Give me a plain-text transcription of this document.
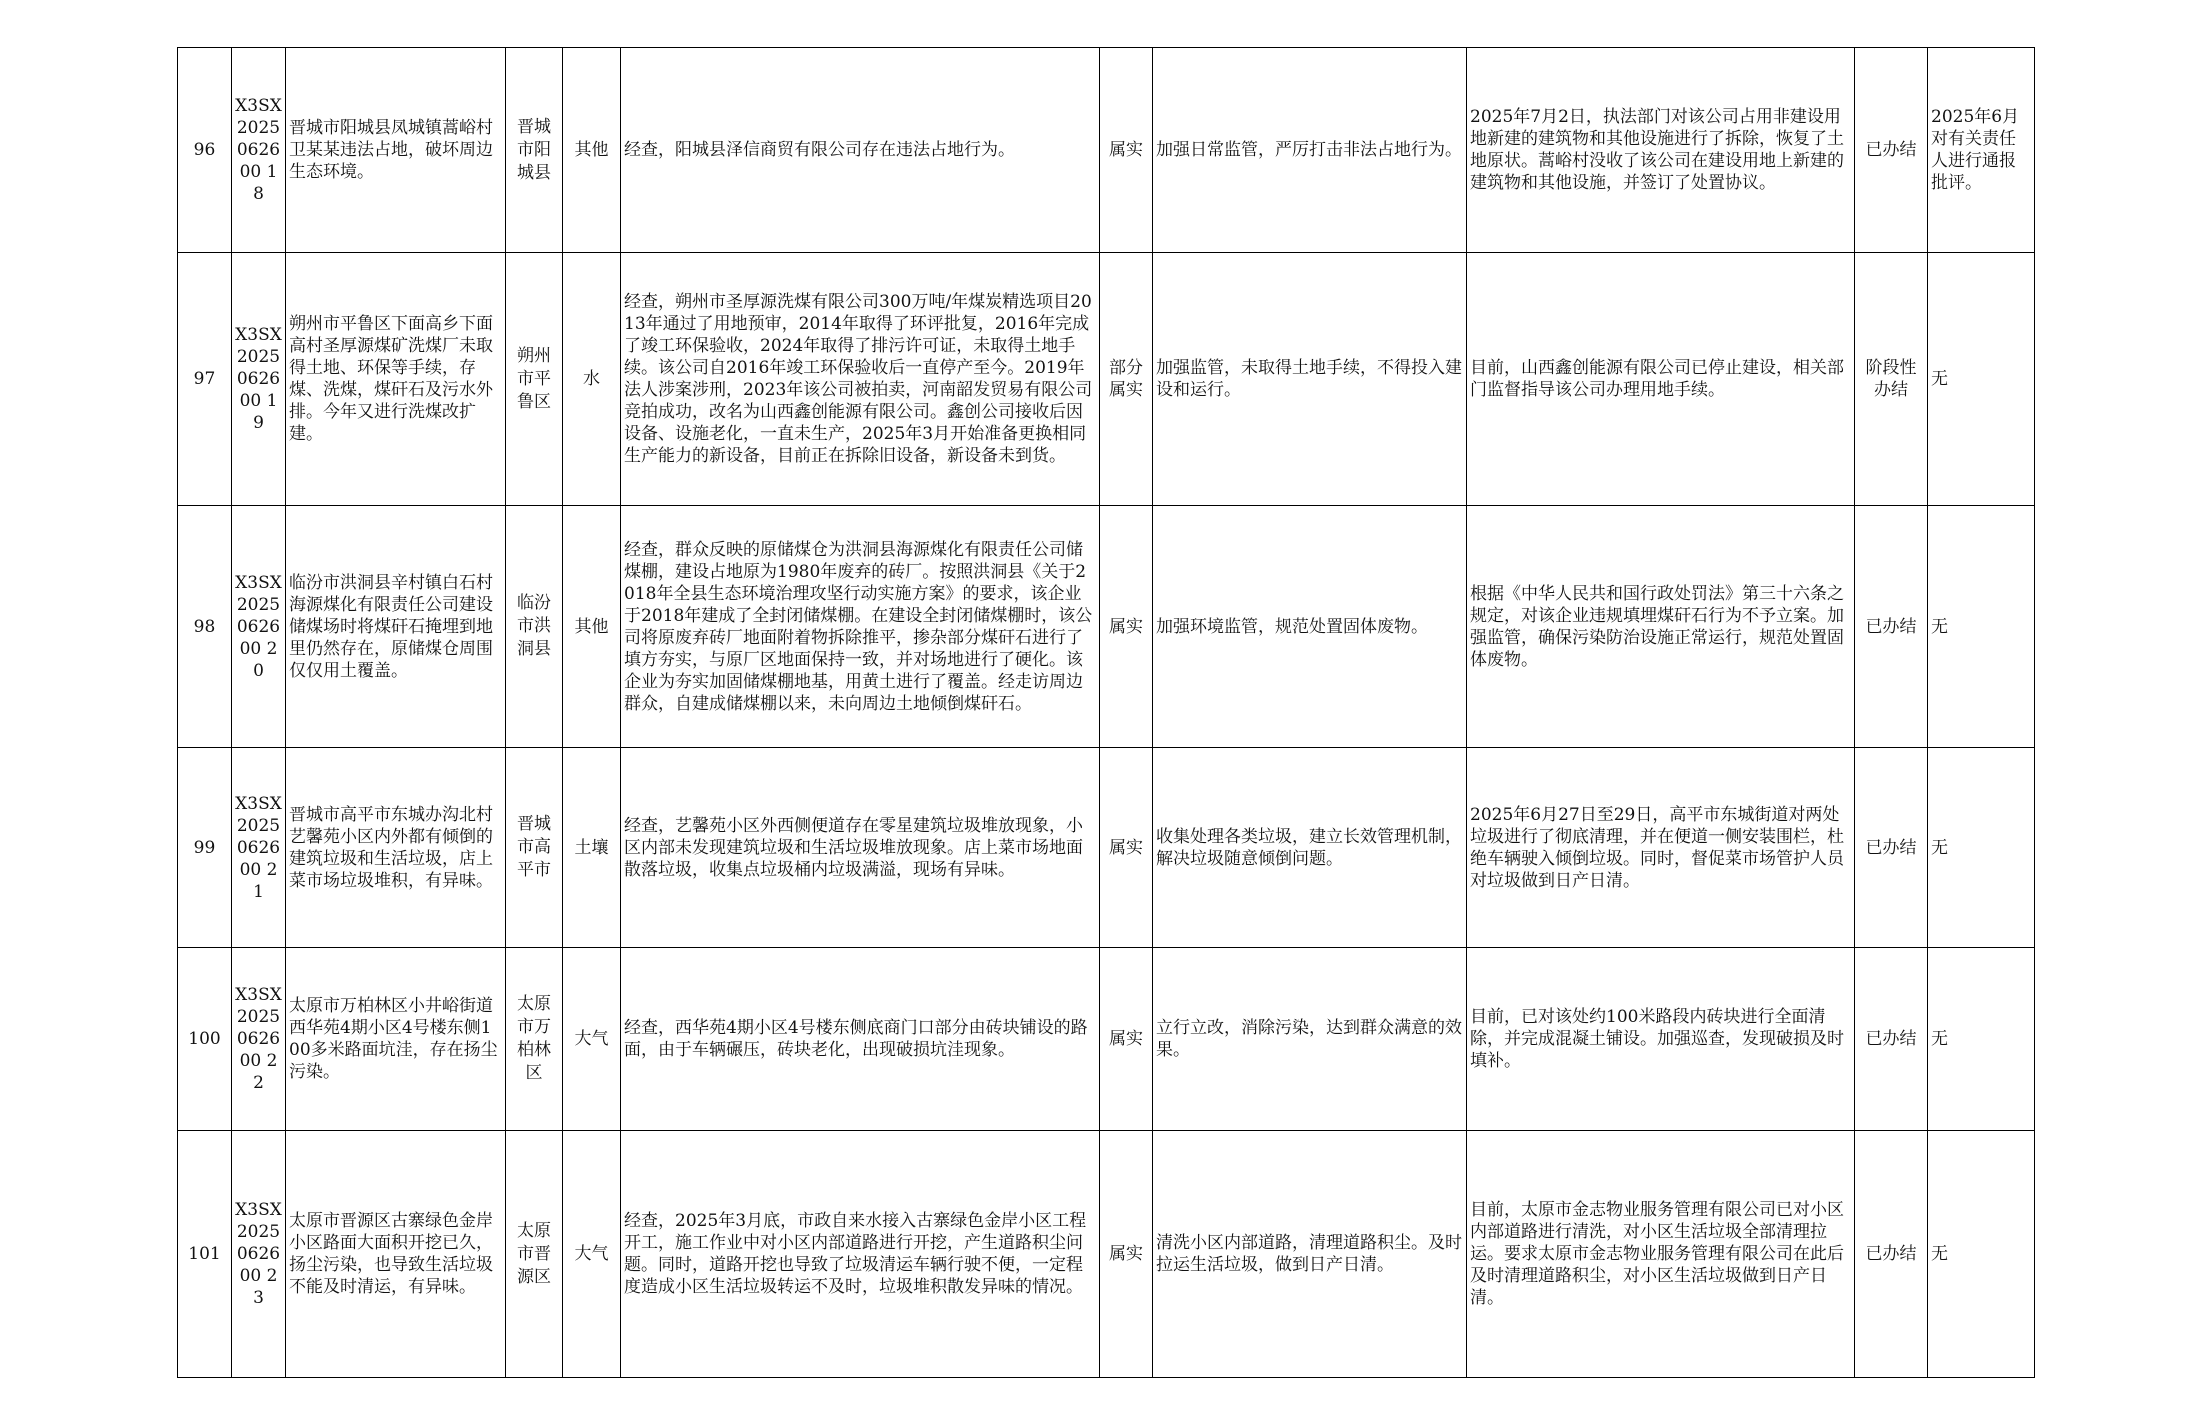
96	X3SX2025062600 18	晋城市阳城县凤城镇蒿峪村卫某某违法占地，破坏周边生态环境。	晋城市阳城县	其他	经查，阳城县泽信商贸有限公司存在违法占地行为。	属实	加强日常监管，严厉打击非法占地行为。	2025年7月2日，执法部门对该公司占用非建设用地新建的建筑物和其他设施进行了拆除，恢复了土地原状。蒿峪村没收了该公司在建设用地上新建的建筑物和其他设施，并签订了处置协议。	已办结	2025年6月对有关责任人进行通报批评。
97	X3SX2025062600 19	朔州市平鲁区下面高乡下面高村圣厚源煤矿洗煤厂未取得土地、环保等手续，存煤、洗煤，煤矸石及污水外排。今年又进行洗煤改扩建。	朔州市平鲁区	水	经查，朔州市圣厚源洗煤有限公司300万吨/年煤炭精选项目2013年通过了用地预审，2014年取得了环评批复，2016年完成了竣工环保验收，2024年取得了排污许可证，未取得土地手续。该公司自2016年竣工环保验收后一直停产至今。2019年法人涉案涉刑，2023年该公司被拍卖，河南韶发贸易有限公司竞拍成功，改名为山西鑫创能源有限公司。鑫创公司接收后因设备、设施老化，一直未生产，2025年3月开始准备更换相同生产能力的新设备，目前正在拆除旧设备，新设备未到货。	部分属实	加强监管，未取得土地手续，不得投入建设和运行。	目前，山西鑫创能源有限公司已停止建设，相关部门监督指导该公司办理用地手续。	阶段性办结	无
98	X3SX2025062600 20	临汾市洪洞县辛村镇白石村海源煤化有限责任公司建设储煤场时将煤矸石掩埋到地里仍然存在，原储煤仓周围仅仅用土覆盖。	临汾市洪洞县	其他	经查，群众反映的原储煤仓为洪洞县海源煤化有限责任公司储煤棚，建设占地原为1980年废弃的砖厂。按照洪洞县《关于2018年全县生态环境治理攻坚行动实施方案》的要求，该企业于2018年建成了全封闭储煤棚。在建设全封闭储煤棚时，该公司将原废弃砖厂地面附着物拆除推平，掺杂部分煤矸石进行了填方夯实，与原厂区地面保持一致，并对场地进行了硬化。该企业为夯实加固储煤棚地基，用黄土进行了覆盖。经走访周边群众，自建成储煤棚以来，未向周边土地倾倒煤矸石。	属实	加强环境监管，规范处置固体废物。	根据《中华人民共和国行政处罚法》第三十六条之规定，对该企业违规填埋煤矸石行为不予立案。加强监管，确保污染防治设施正常运行，规范处置固体废物。	已办结	无
99	X3SX2025062600 21	晋城市高平市东城办沟北村艺馨苑小区内外都有倾倒的建筑垃圾和生活垃圾，店上菜市场垃圾堆积，有异味。	晋城市高平市	土壤	经查，艺馨苑小区外西侧便道存在零星建筑垃圾堆放现象，小区内部未发现建筑垃圾和生活垃圾堆放现象。店上菜市场地面散落垃圾，收集点垃圾桶内垃圾满溢，现场有异味。	属实	收集处理各类垃圾，建立长效管理机制，解决垃圾随意倾倒问题。	2025年6月27日至29日，高平市东城街道对两处垃圾进行了彻底清理，并在便道一侧安装围栏，杜绝车辆驶入倾倒垃圾。同时，督促菜市场管护人员对垃圾做到日产日清。	已办结	无
100	X3SX2025062600 22	太原市万柏林区小井峪街道西华苑4期小区4号楼东侧100多米路面坑洼，存在扬尘污染。	太原市万柏林区	大气	经查，西华苑4期小区4号楼东侧底商门口部分由砖块铺设的路面，由于车辆碾压，砖块老化，出现破损坑洼现象。	属实	立行立改，消除污染，达到群众满意的效果。	目前，已对该处约100米路段内砖块进行全面清除，并完成混凝土铺设。加强巡查，发现破损及时填补。	已办结	无
101	X3SX2025062600 23	太原市晋源区古寨绿色金岸小区路面大面积开挖已久，扬尘污染，也导致生活垃圾不能及时清运，有异味。	太原市晋源区	大气	经查，2025年3月底，市政自来水接入古寨绿色金岸小区工程开工，施工作业中对小区内部道路进行开挖，产生道路积尘问题。同时，道路开挖也导致了垃圾清运车辆行驶不便，一定程度造成小区生活垃圾转运不及时，垃圾堆积散发异味的情况。	属实	清洗小区内部道路，清理道路积尘。及时拉运生活垃圾，做到日产日清。	目前，太原市金志物业服务管理有限公司已对小区内部道路进行清洗，对小区生活垃圾全部清理拉运。要求太原市金志物业服务管理有限公司在此后及时清理道路积尘，对小区生活垃圾做到日产日清。	已办结	无
